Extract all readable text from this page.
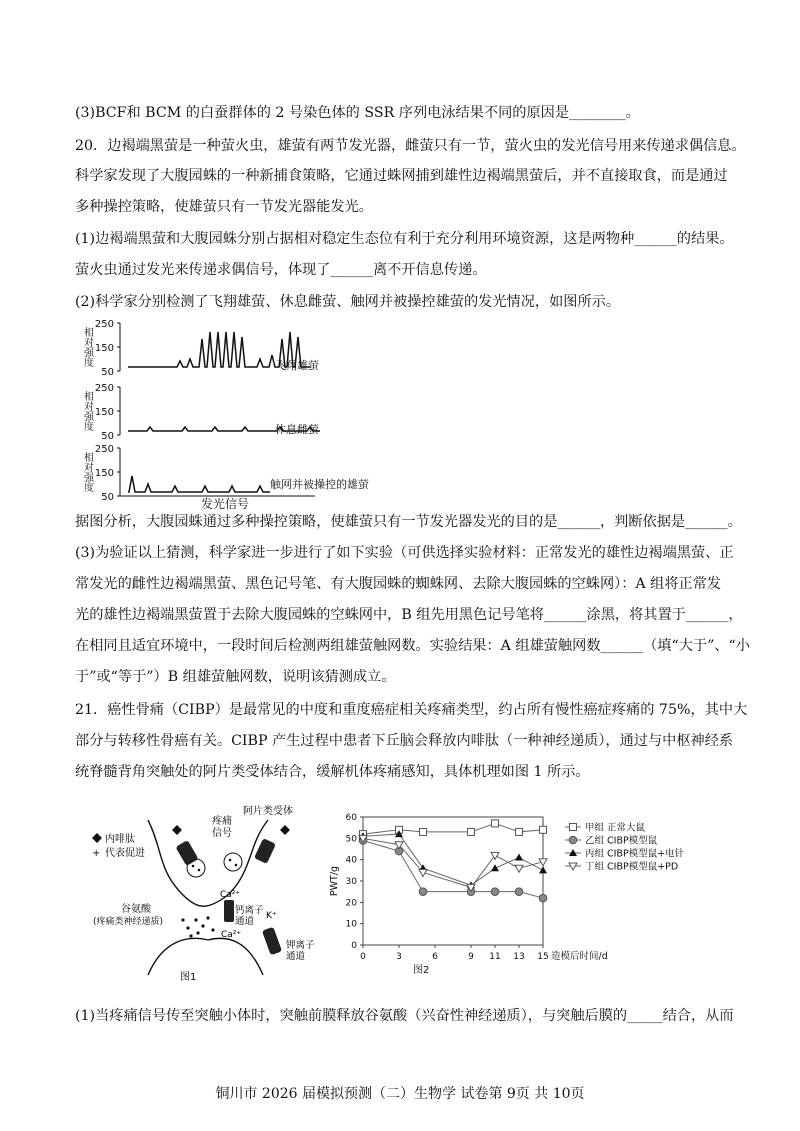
(3)BCF和 BCM 的白蚕群体的 2 号染色体的 SSR 序列电泳结果不同的原因是________。
20．边褐端黑萤是一种萤火虫，雄萤有两节发光器，雌萤只有一节，萤火虫的发光信号用来传递求偶信息。
科学家发现了大腹园蛛的一种新捕食策略，它通过蛛网捕到雄性边褐端黑萤后，并不直接取食，而是通过
多种操控策略，使雄萤只有一节发光器能发光。
(1)边褐端黑萤和大腹园蛛分别占据相对稳定生态位有利于充分利用环境资源，这是两物种______的结果。
萤火虫通过发光来传递求偶信号，体现了______离不开信息传递。
(2)科学家分别检测了飞翔雄萤、休息雌萤、触网并被操控雄萤的发光情况，如图所示。
250
150
50
相对强度	飞翔雄萤
250
150
50
相对强度	休息雌萤
250
150
50
相对强度	触网并被操控的雄萤
发光信号
据图分析，大腹园蛛通过多种操控策略，使雄萤只有一节发光器发光的目的是______，判断依据是______。
(3)为验证以上猜测，科学家进一步进行了如下实验（可供选择实验材料：正常发光的雄性边褐端黑萤、正
常发光的雌性边褐端黑萤、黑色记号笔、有大腹园蛛的蜘蛛网、去除大腹园蛛的空蛛网）：A 组将正常发
光的雄性边褐端黑萤置于去除大腹园蛛的空蛛网中，B 组先用黑色记号笔将______涂黑，将其置于______，
在相同且适宜环境中，一段时间后检测两组雄萤触网数。实验结果：A 组雄萤触网数______（填“大于”、“小
于”或“等于”）B 组雄萤触网数，说明该猜测成立。
21．癌性骨痛（CIBP）是最常见的中度和重度癌症相关疼痛类型，约占所有慢性癌症疼痛的 75%，其中大
部分与转移性骨癌有关。CIBP 产生过程中患者下丘脑会释放内啡肽（一种神经递质），通过与中枢神经系
统脊髓背角突触处的阿片类受体结合，缓解机体疼痛感知，具体机理如图 1 所示。
内啡肽
+ 代表促进
疼痛信号
阿片类受体
谷氨酸
(疼痛类神经递质)
Ca²⁺
Ca²⁺
钙离子通道	K⁺
钾离子通道
图1
0
10
20
30
40
50
60
0	3	6	9 11 13 15
PWT/g
造模后时间/d
图2
甲组 正常大鼠
乙组 CIBP模型鼠
丙组 CIBP模型鼠+电针
丁组 CIBP模型鼠+PD
(1)当疼痛信号传至突触小体时，突触前膜释放谷氨酸（兴奋性神经递质），与突触后膜的_____结合，从而
铜川市 2026 届模拟预测（二）生物学 试卷第 9页 共 10页
